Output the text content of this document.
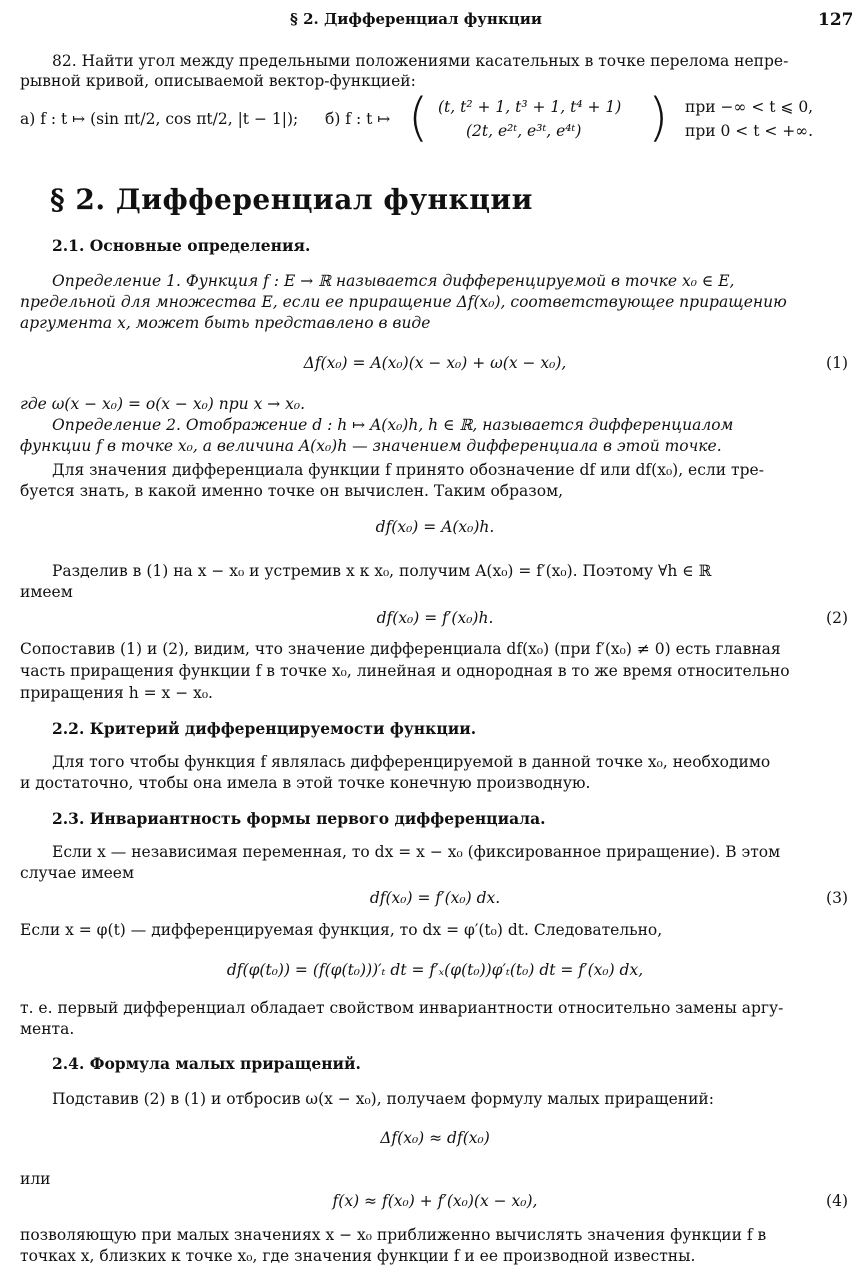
§ 2. Дифференциал функции	127
82. Найти угол между предельными положениями касательных в точке перелома непре-
рывной кривой, описываемой вектор-функцией:
а) f : t ↦ (sin πt/2, cos πt/2, |t − 1|);	б) f : t ↦ ( (t, t² + 1, t³ + 1, t⁴ + 1)
(2t, e²ᵗ, e³ᵗ, e⁴ᵗ) ) при −∞ < t ⩽ 0,
при 0 < t < +∞.
§ 2. Дифференциал функции
2.1. Основные определения.
Определение 1. Функция f : E → ℝ называется дифференцируемой в точке x₀ ∈ E,
предельной для множества E, если ее приращение Δf(x₀), соответствующее приращению
аргумента x, может быть представлено в виде
Δf(x₀) = A(x₀)(x − x₀) + ω(x − x₀),	(1)
где ω(x − x₀) = o(x − x₀) при x → x₀.
Определение 2. Отображение d : h ↦ A(x₀)h, h ∈ ℝ, называется дифференциалом
функции f в точке x₀, а величина A(x₀)h — значением дифференциала в этой точке.
Для значения дифференциала функции f принято обозначение df или df(x₀), если тре-
буется знать, в какой именно точке он вычислен. Таким образом,
df(x₀) = A(x₀)h.
Разделив в (1) на x − x₀ и устремив x к x₀, получим A(x₀) = f′(x₀). Поэтому ∀h ∈ ℝ
имеем
df(x₀) = f′(x₀)h.	(2)
Сопоставив (1) и (2), видим, что значение дифференциала df(x₀) (при f′(x₀) ≠ 0) есть главная
часть приращения функции f в точке x₀, линейная и однородная в то же время относительно
приращения h = x − x₀.
2.2. Критерий дифференцируемости функции.
Для того чтобы функция f являлась дифференцируемой в данной точке x₀, необходимо
и достаточно, чтобы она имела в этой точке конечную производную.
2.3. Инвариантность формы первого дифференциала.
Если x — независимая переменная, то dx = x − x₀ (фиксированное приращение). В этом
случае имеем
df(x₀) = f′(x₀) dx.	(3)
Если x = φ(t) — дифференцируемая функция, то dx = φ′(t₀) dt. Следовательно,
df(φ(t₀)) = (f(φ(t₀)))′ₜ dt = f′ₓ(φ(t₀))φ′ₜ(t₀) dt = f′(x₀) dx,
т. е. первый дифференциал обладает свойством инвариантности относительно замены аргу-
мента.
2.4. Формула малых приращений.
Подставив (2) в (1) и отбросив ω(x − x₀), получаем формулу малых приращений:
Δf(x₀) ≈ df(x₀)
или
f(x) ≈ f(x₀) + f′(x₀)(x − x₀),	(4)
позволяющую при малых значениях x − x₀ приближенно вычислять значения функции f в
точках x, близких к точке x₀, где значения функции f и ее производной известны.
